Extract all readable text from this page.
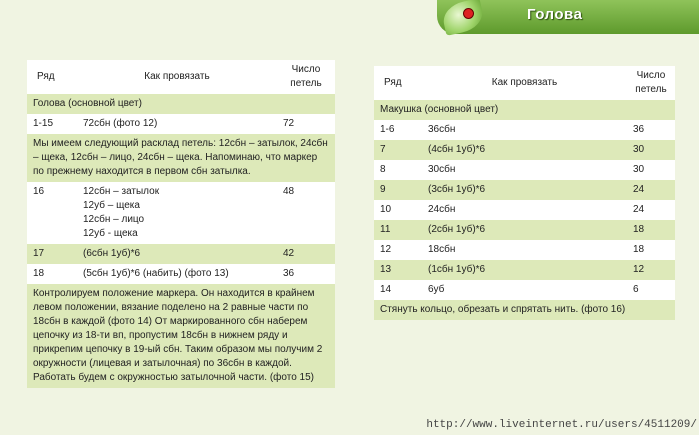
Голова
Ряд	Как провязать	Число
петель
Голова (основной цвет)		
1-15	72сбн (фото 12)	72
Мы имеем следующий расклад петель: 12сбн – затылок, 24сбн – щека, 12сбн – лицо, 24сбн – щека. Напоминаю, что маркер по прежнему находится в первом сбн затылка.		
16	12сбн – затылок
12уб – щека
12сбн – лицо
12уб - щека	48
17	(6сбн 1уб)*6	42
18	(5сбн 1уб)*6 (набить) (фото 13)	36
Контролируем положение маркера. Он находится в крайнем левом положении, вязание поделено на 2 равные части по 18сбн в каждой (фото 14) От маркированного сбн наберем цепочку из 18-ти вп, пропустим 18сбн в нижнем ряду и прикрепим цепочку в 19-ый сбн. Таким образом мы получим 2 окружности (лицевая и затылочная) по 36сбн в каждой. Работать будем с окружностью затылочной части. (фото 15)		
Ряд	Как провязать	Число
петель
Макушка (основной цвет)		
1-6	36сбн	36
7	(4сбн 1уб)*6	30
8	30сбн	30
9	(3сбн 1уб)*6	24
10	24сбн	24
11	(2сбн 1уб)*6	18
12	18сбн	18
13	(1сбн 1уб)*6	12
14	6уб	6
Стянуть кольцо, обрезать и спрятать нить. (фото 16)		
http://www.liveinternet.ru/users/4511209/
